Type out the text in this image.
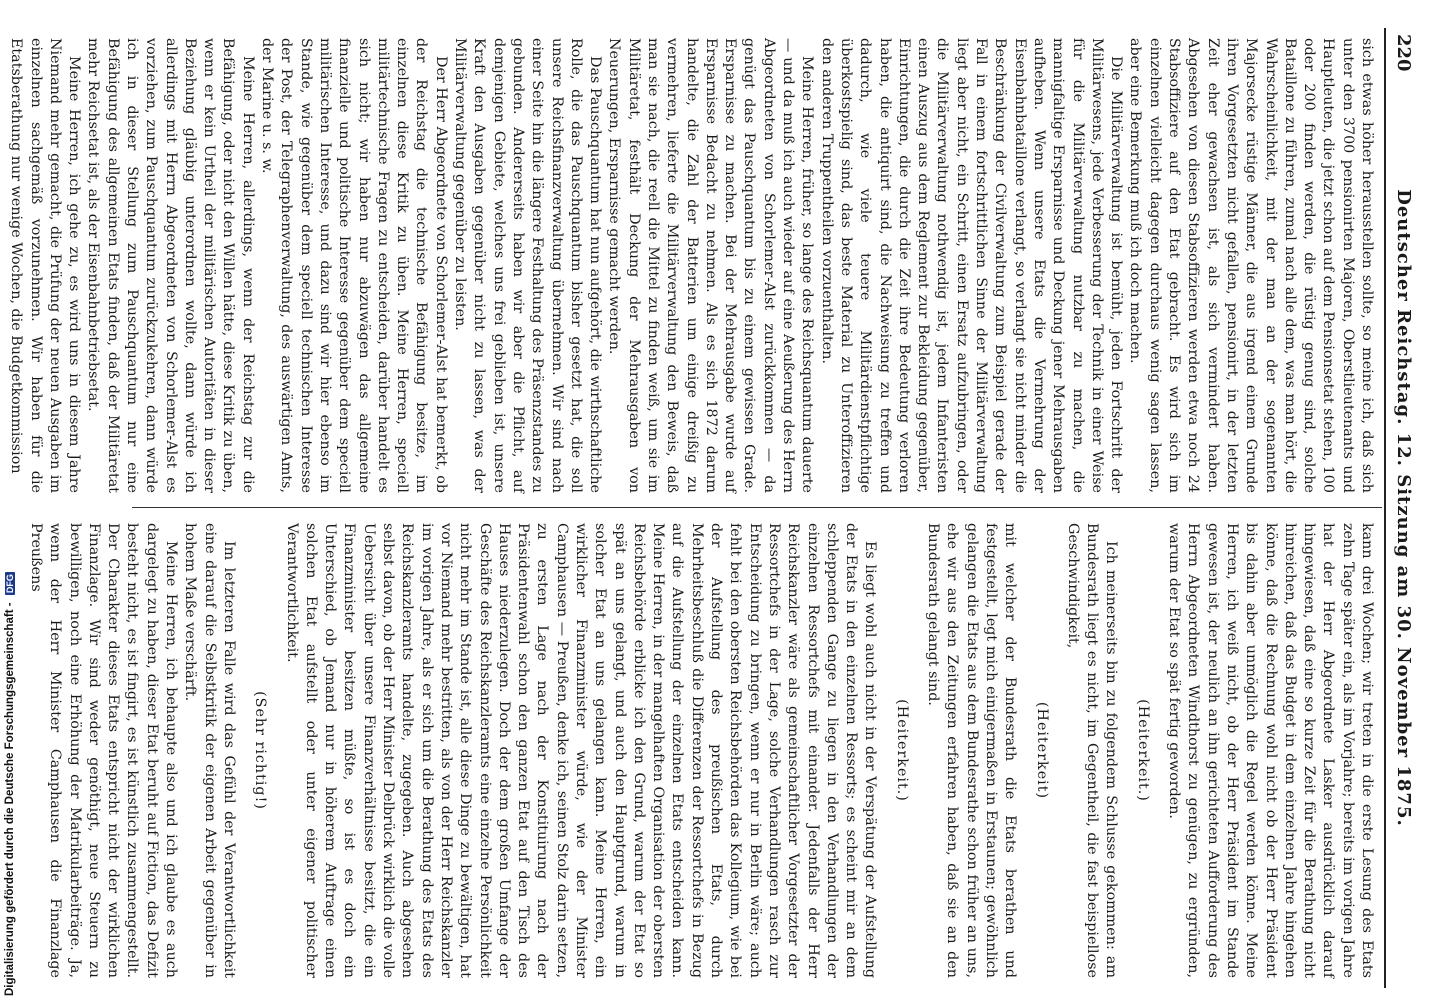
220
Deutscher Reichstag. 12. Sitzung am 30. November 1875.

sich etwas höher herausstellen sollte, so meine ich, daß sich unter den 3700 pensionirten Majoren, Oberstlieutenants und Hauptleuten, die jetzt schon auf dem Pensionsetat stehen, 100 oder 200 finden werden, die rüstig genug sind, solche Bataillone zu führen, zumal nach alle dem, was man hört, die Wahrscheinlichkeit, mit der man an der sogenannten Majorsecke rüstige Männer, die aus irgend einem Grunde ihren Vorgesetzten nicht gefallen, pensionirt, in der letzten Zeit eher gewachsen ist, als sich vermindert haben. Abgesehen von diesen Stabsoffizieren werden etwa noch 24 Stabsoffiziere auf den Etat gebracht. Es wird sich im einzelnen vielleicht dagegen durchaus wenig sagen lassen, aber eine Bemerkung muß ich doch machen.

Die Militärverwaltung ist bemüht, jeden Fortschritt der Militärwesens, jede Verbesserung der Technik in einer Weise für die Militärverwaltung nutzbar zu machen, die mannigfaltige Ersparnisse und Deckung jener Mehrausgaben aufheben. Wenn unsere Etats die Vermehrung der Eisenbahnbataillone verlangt, so verlangt sie nicht minder die Beschränkung der Civilverwaltung zum Beispiel gerade der Fall in einem fortschrittlichen Sinne der Militärverwaltung liegt aber nicht, ein Schritt, einen Ersatz aufzubringen, oder die Militärverwaltung nothwendig ist, jedem Infanteristen einen Auszug aus dem Reglement zur Bekleidung gegenüber, Einrichtungen, die durch die Zeit ihre Bedeutung verloren haben, die antiquirt sind, die Nachweisung zu treffen und dadurch, wie viele teuere Militärdienstpflichtige überkostspielig sind, das beste Material zu Unteroffizieren den anderen Truppentheilen vorzuenthalten.

Meine Herren, früher, so lange des Reichsquantum dauerte — und da muß ich auch wieder auf eine Aeußerung des Herrn Abgeordneten von Schorlemer-Alst zurückkommen — da genügt das Pauschquantum bis zu einem gewissen Grade. Ersparnisse zu machen. Bei der Mehrausgabe wurde auf Ersparnisse Bedacht zu nehmen. Als es sich 1872 darum handelte, die Zahl der Batterien um einige dreißig zu vermehren, lieferte die Militärverwaltung den Beweis, daß man sie nach, die reell die Mittel zu finden weiß, um sie im Militäretat, festhält Deckung der Mehrausgaben von Neuerungen, Ersparnisse gemacht werden.

Das Pauschquantum hat nun aufgehört, die wirthschaftliche Rolle, die das Pauschquantum bisher gesetzt hat, die soll unsere Reichsfinanzverwaltung übernehmen. Wir sind nach einer Seite hin die längere Festhaltung des Präsenzstandes zu gebunden. Andererseits haben wir aber die Pflicht, auf demjenigen Gebiete, welches uns frei geblieben ist, unsere Kraft den Ausgaben gegenüber nicht zu lassen, was der Militärverwaltung gegenüber zu leisten.

Der Herr Abgeordnete von Schorlemer-Alst hat bemerkt, ob der Reichstag die technische Befähigung besitze, im einzelnen diese Kritik zu üben. Meine Herren, speciell militärtechnische Fragen zu entscheiden, darüber handelt es sich nicht; wir haben nur abzuwägen das allgemeine finanzielle und politische Interesse gegenüber dem speciell militärischen Interesse, und dazu sind wir hier ebenso im Stande, wie gegenüber dem speciell technischen Interesse der Post, der Telegraphenverwaltung, des auswärtigen Amts, der Marine u. s. w.

Meine Herren, allerdings, wenn der Reichstag zur die Befähigung, oder nicht den Willen hätte, diese Kritik zu üben, wenn er kein Urtheil der militärischen Autoritäten in dieser Beziehung gläubig unterordnen wollte, dann würde ich allerdings mit Herrn Abgeordneten von Schorlemer-Alst es vorziehen, zum Pauschquantum zurückzukehren, dann würde ich in dieser Stellung zum Pauschquantum nur eine Befähigung des allgemeinen Etats finden, daß der Militäretat mehr Reichsetat ist, als der Eisenbahnbetriebsetat.

Meine Herren, ich gehe zu, es wird uns in diesem Jahre Niemand mehr gemacht, die Prüfung der neuen Ausgaben im einzelnen sachgemäß vorzunehmen. Wir haben für die Etatsberathung nur wenige Wochen, die Budgetkommission

kann drei Wochen; wir treten in die erste Lesung des Etats zehn Tage später ein, als im Vorjahre; bereits im vorigen Jahre hat der Herr Abgeordnete Lasker ausdrücklich darauf hingewiesen, daß eine so kurze Zeit für die Berathung nicht hinreichen, daß das Budget in dem einzelnen Jahre hingehen könne, daß die Rechnung wohl nicht ob der Herr Präsident bis dahin aber unmöglich die Regel werden könne. Meine Herren, ich weiß nicht, ob der Herr Präsident im Stande gewesen ist, der neulich an ihn gerichteten Aufforderung des Herrn Abgeordneten Windthorst zu genügen, zu ergründen, warum der Etat so spät fertig geworden.

(Heiterkeit.)

Ich meinerseits bin zu folgendem Schlusse gekommen: am Bundesrath liegt es nicht, im Gegentheil, die fast beispiellose Geschwindigkeit,

(Heiterkeit)

mit welcher der Bundesrath die Etats berathen und festgestellt, legt mich einigermaßen in Erstaunen; gewöhnlich gelangen die Etats aus dem Bundesrathe schon früher an uns, ehe wir aus den Zeitungen erfahren haben, daß sie an den Bundesrath gelangt sind.

(Heiterkeit.)

Es liegt wohl auch nicht in der Verspätung der Aufstellung der Etats in den einzelnen Ressorts; es scheint mir an dem schleppenden Gange zu liegen in den Verhandlungen der einzelnen Ressortchefs mit einander. Jedenfalls der Herr Reichskanzler wäre als gemeinschaftlicher Vorgesetzter der Ressortchefs in der Lage, solche Verhandlungen rasch zur Entscheidung zu bringen, wenn er nur in Berlin wäre; auch fehlt bei den obersten Reichsbehörden das Kollegium, wie bei der Aufstellung des preußischen Etats, durch Mehrheitsbeschluß die Differenzen der Ressortchefs in Bezug auf die Aufstellung der einzelnen Etats entscheiden kann. Meine Herren, in der mangelhaften Organisation der obersten Reichsbehörde erblicke ich den Grund, warum der Etat so spät an uns gelangt, und auch den Hauptgrund, warum in solcher Etat an uns gelangen kann. Meine Herren, ein wirklicher Finanzminister würde, wie der Minister Camphausen — Preußen, denke ich, seinen Stolz darin setzen, zu ersten Lage nach der Konstituirung nach der Präsidentenwahl schon den ganzen Etat auf den Tisch des Hauses niederzulegen. Doch der dem großen Umfange der Geschäfte des Reichskanzleramts eine einzelne Persönlichkeit nicht mehr im Stande ist, alle diese Dinge zu bewältigen, hat vor Niemand mehr bestritten, als von der Herr Reichskanzler im vorigen Jahre, als er sich um die Berathung des Etats des Reichskanzleramts handelte, zugegeben. Auch abgesehen selbst davon, ob der Herr Minister Delbrück wirklich die volle Uebersicht über unsere Finanzverhältnisse besitzt, die ein Finanzminister besitzen müßte, so ist es doch ein Unterschied, ob Jemand nur in höherem Auftrage einen solchen Etat aufstellt oder unter eigener politischer Verantwortlichkeit.

(Sehr richtig!)

Im letzteren Falle wird das Gefühl der Verantwortlichkeit eine darauf die Selbstkritik der eigenen Arbeit gegenüber in hohem Maße verschärft.

Meine Herren, ich behaupte also und ich glaube es auch dargelegt zu haben, dieser Etat beruht auf Fiction, das Defizit besteht nicht, es ist fingirt, es ist künstlich zusammengestellt. Der Charakter dieses Etats entspricht nicht der wirklichen Finanzlage. Wir sind weder genöthigt, neue Steuern zu bewilligen, noch eine Erhöhung der Matrikularbeiträge. Ja, wenn der Herr Minister Camphausen die Finanzlage Preußens

Digitalisierung gefördert durch die Deutsche Forschungsgemeinschaft - DFG
